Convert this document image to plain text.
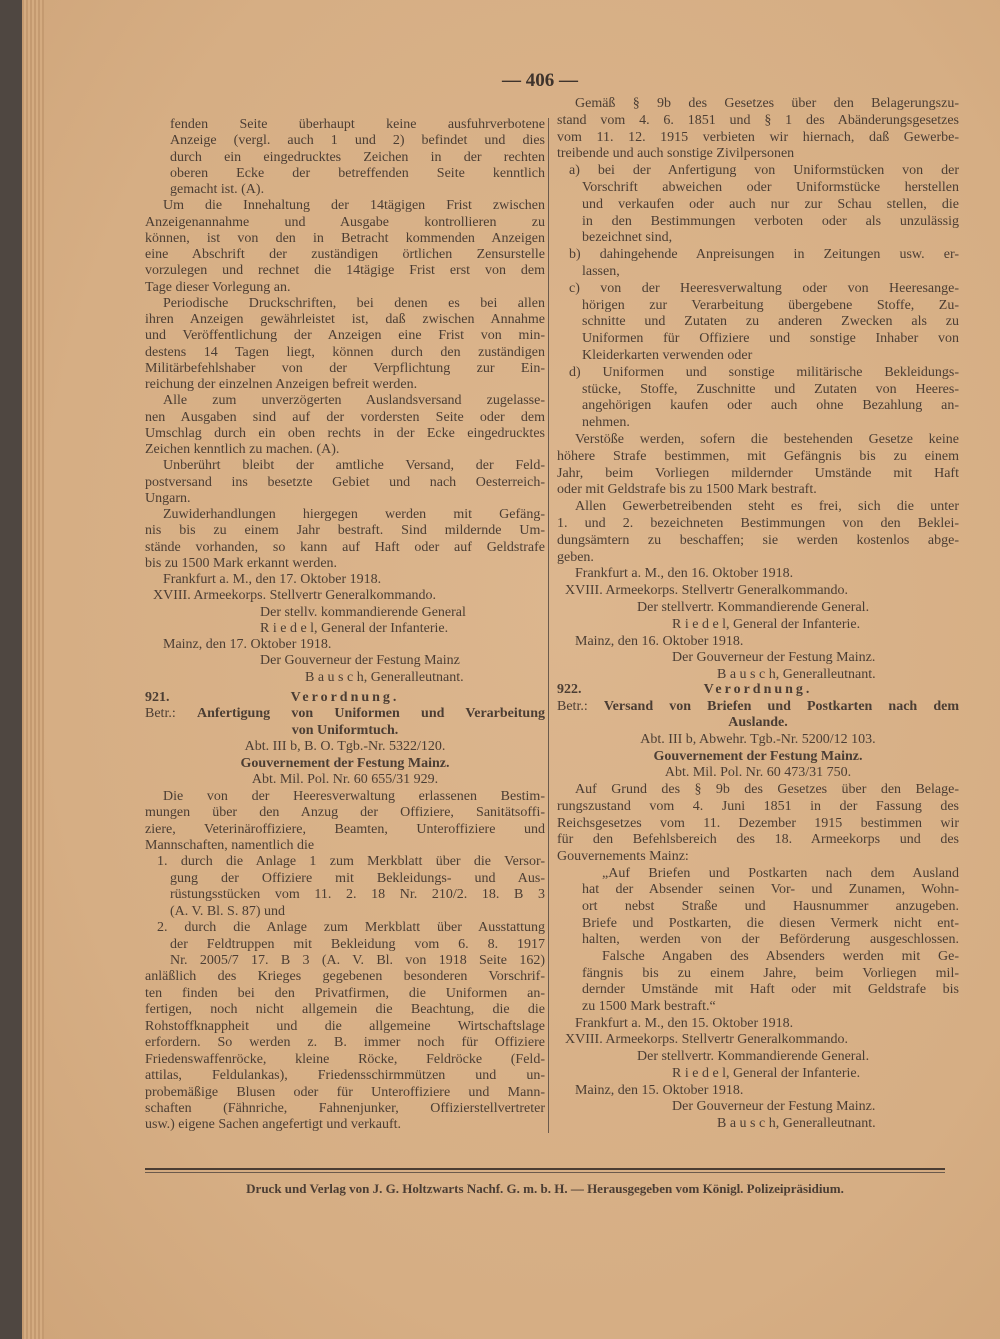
— 406 —
fenden Seite überhaupt keine ausfuhrverbotene
Anzeige (vergl. auch 1 und 2) befindet und dies
durch ein eingedrucktes Zeichen in der rechten
oberen Ecke der betreffenden Seite kenntlich
gemacht ist. (A).
Um die Innehaltung der 14tägigen Frist zwischen
Anzeigenannahme und Ausgabe kontrollieren zu
können, ist von den in Betracht kommenden Anzeigen
eine Abschrift der zuständigen örtlichen Zensurstelle
vorzulegen und rechnet die 14tägige Frist erst von dem
Tage dieser Vorlegung an.
Periodische Druckschriften, bei denen es bei allen
ihren Anzeigen gewährleistet ist, daß zwischen Annahme
und Veröffentlichung der Anzeigen eine Frist von min-
destens 14 Tagen liegt, können durch den zuständigen
Militärbefehlshaber von der Verpflichtung zur Ein-
reichung der einzelnen Anzeigen befreit werden.
Alle zum unverzögerten Auslandsversand zugelasse-
nen Ausgaben sind auf der vordersten Seite oder dem
Umschlag durch ein oben rechts in der Ecke eingedrucktes
Zeichen kenntlich zu machen. (A).
Unberührt bleibt der amtliche Versand, der Feld-
postversand ins besetzte Gebiet und nach Oesterreich-
Ungarn.
Zuwiderhandlungen hiergegen werden mit Gefäng-
nis bis zu einem Jahr bestraft. Sind mildernde Um-
stände vorhanden, so kann auf Haft oder auf Geldstrafe
bis zu 1500 Mark erkannt werden.
Frankfurt a. M., den 17. Oktober 1918.
XVIII. Armeekorps. Stellvertr Generalkommando.
Der stellv. kommandierende General
R i e d e l, General der Infanterie.
Mainz, den 17. Oktober 1918.
Der Gouverneur der Festung Mainz
B a u s c h, Generalleutnant.
921.	Verordnung.
Betr.: Anfertigung von Uniformen und Verarbeitung
von Uniformtuch.
Abt. III b, B. O. Tgb.-Nr. 5322/120.
Gouvernement der Festung Mainz.
Abt. Mil. Pol. Nr. 60 655/31 929.
Die von der Heeresverwaltung erlassenen Bestim-
mungen über den Anzug der Offiziere, Sanitätsoffi-
ziere, Veterinäroffiziere, Beamten, Unteroffiziere und
Mannschaften, namentlich die
1. durch die Anlage 1 zum Merkblatt über die Versor-
gung der Offiziere mit Bekleidungs- und Aus-
rüstungsstücken vom 11. 2. 18 Nr. 210/2. 18. B 3
(A. V. Bl. S. 87) und
2. durch die Anlage zum Merkblatt über Ausstattung
der Feldtruppen mit Bekleidung vom 6. 8. 1917
Nr. 2005/7 17. B 3 (A. V. Bl. von 1918 Seite 162)
anläßlich des Krieges gegebenen besonderen Vorschrif-
ten finden bei den Privatfirmen, die Uniformen an-
fertigen, noch nicht allgemein die Beachtung, die die
Rohstoffknappheit und die allgemeine Wirtschaftslage
erfordern. So werden z. B. immer noch für Offiziere
Friedenswaffenröcke, kleine Röcke, Feldröcke (Feld-
attilas, Feldulankas), Friedensschirmmützen und un-
probemäßige Blusen oder für Unteroffiziere und Mann-
schaften (Fähnriche, Fahnenjunker, Offizierstellvertreter
usw.) eigene Sachen angefertigt und verkauft.
Gemäß § 9b des Gesetzes über den Belagerungszu-
stand vom 4. 6. 1851 und § 1 des Abänderungsgesetzes
vom 11. 12. 1915 verbieten wir hiernach, daß Gewerbe-
treibende und auch sonstige Zivilpersonen
a) bei der Anfertigung von Uniformstücken von der
Vorschrift abweichen oder Uniformstücke herstellen
und verkaufen oder auch nur zur Schau stellen, die
in den Bestimmungen verboten oder als unzulässig
bezeichnet sind,
b) dahingehende Anpreisungen in Zeitungen usw. er-
lassen,
c) von der Heeresverwaltung oder von Heeresange-
hörigen zur Verarbeitung übergebene Stoffe, Zu-
schnitte und Zutaten zu anderen Zwecken als zu
Uniformen für Offiziere und sonstige Inhaber von
Kleiderkarten verwenden oder
d) Uniformen und sonstige militärische Bekleidungs-
stücke, Stoffe, Zuschnitte und Zutaten von Heeres-
angehörigen kaufen oder auch ohne Bezahlung an-
nehmen.
Verstöße werden, sofern die bestehenden Gesetze keine
höhere Strafe bestimmen, mit Gefängnis bis zu einem
Jahr, beim Vorliegen mildernder Umstände mit Haft
oder mit Geldstrafe bis zu 1500 Mark bestraft.
Allen Gewerbetreibenden steht es frei, sich die unter
1. und 2. bezeichneten Bestimmungen von den Beklei-
dungsämtern zu beschaffen; sie werden kostenlos abge-
geben.
Frankfurt a. M., den 16. Oktober 1918.
XVIII. Armeekorps. Stellvertr Generalkommando.
Der stellvertr. Kommandierende General.
R i e d e l, General der Infanterie.
Mainz, den 16. Oktober 1918.
Der Gouverneur der Festung Mainz.
B a u s c h, Generalleutnant.
922.	Verordnung.
Betr.: Versand von Briefen und Postkarten nach dem
Auslande.
Abt. III b, Abwehr. Tgb.-Nr. 5200/12 103.
Gouvernement der Festung Mainz.
Abt. Mil. Pol. Nr. 60 473/31 750.
Auf Grund des § 9b des Gesetzes über den Belage-
rungszustand vom 4. Juni 1851 in der Fassung des
Reichsgesetzes vom 11. Dezember 1915 bestimmen wir
für den Befehlsbereich des 18. Armeekorps und des
Gouvernements Mainz:
„Auf Briefen und Postkarten nach dem Ausland
hat der Absender seinen Vor- und Zunamen, Wohn-
ort nebst Straße und Hausnummer anzugeben.
Briefe und Postkarten, die diesen Vermerk nicht ent-
halten, werden von der Beförderung ausgeschlossen.
Falsche Angaben des Absenders werden mit Ge-
fängnis bis zu einem Jahre, beim Vorliegen mil-
dernder Umstände mit Haft oder mit Geldstrafe bis
zu 1500 Mark bestraft.“
Frankfurt a. M., den 15. Oktober 1918.
XVIII. Armeekorps. Stellvertr Generalkommando.
Der stellvertr. Kommandierende General.
R i e d e l, General der Infanterie.
Mainz, den 15. Oktober 1918.
Der Gouverneur der Festung Mainz.
B a u s c h, Generalleutnant.
Druck und Verlag von J. G. Holtzwarts Nachf. G. m. b. H. — Herausgegeben vom Königl. Polizeipräsidium.
